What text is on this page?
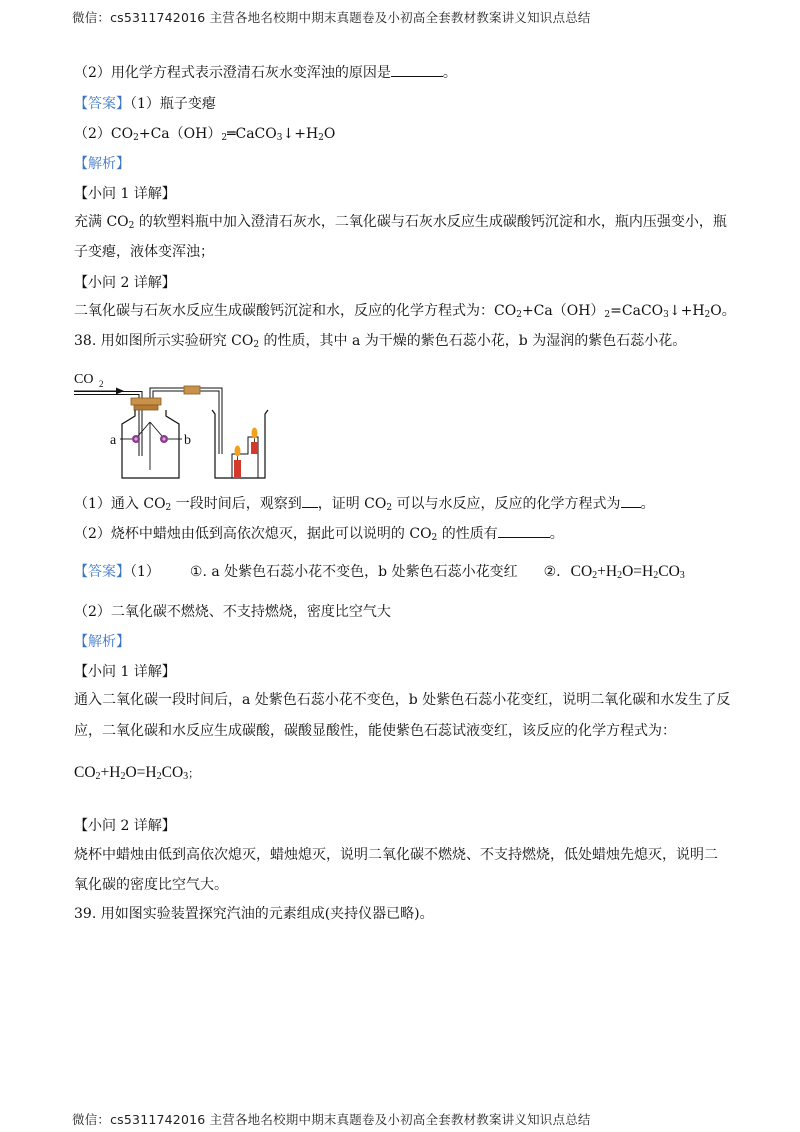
微信：cs5311742016 主营各地名校期中期末真题卷及小初高全套教材教案讲义知识点总结
（2）用化学方程式表示澄清石灰水变浑浊的原因是	。
【答案】（1）瓶子变瘪
$(2)CO_2+Ca(OH)_2═CaCO_3↓+H_2O$
【解析】
【小问 1 详解】
充满 $CO_2$ 的软塑料瓶中加入澄清石灰水，二氧化碳与石灰水反应生成碳酸钙沉淀和水，瓶内压强变小，瓶
子变瘪，液体变浑浊；
【小问 2 详解】
二氧化碳与石灰水反应生成碳酸钙沉淀和水，反应的化学方程式为：$CO_2+Ca(OH)_2=CaCO_3↓+H_2O$。
38. 用如图所示实验研究 $CO_2$ 的性质，其中 a 为干燥的紫色石蕊小花，b 为湿润的紫色石蕊小花。
CO 2
a	b
（1）通入 $CO_2$ 一段时间后，观察到 ，证明 $CO_2$ 可以与水反应，反应的化学方程式为 。
（2）烧杯中蜡烛由低到高依次熄灭，据此可以说明的 $CO_2$ 的性质有	。
【答案】（1） ①. a 处紫色石蕊小花不变色，b 处紫色石蕊小花变红 ②. $CO_2+H_2O=H_2CO_3$
（2）二氧化碳不燃烧、不支持燃烧，密度比空气大
【解析】
【小问 1 详解】
通入二氧化碳一段时间后，a 处紫色石蕊小花不变色，b 处紫色石蕊小花变红，说明二氧化碳和水发生了反
应，二氧化碳和水反应生成碳酸，碳酸显酸性，能使紫色石蕊试液变红，该反应的化学方程式为：
$CO_2+H_2O=H_2CO_3$；
【小问 2 详解】
烧杯中蜡烛由低到高依次熄灭，蜡烛熄灭，说明二氧化碳不燃烧、不支持燃烧，低处蜡烛先熄灭，说明二
氧化碳的密度比空气大。
39. 用如图实验装置探究汽油的元素组成(夹持仪器已略)。
微信：cs5311742016 主营各地名校期中期末真题卷及小初高全套教材教案讲义知识点总结
